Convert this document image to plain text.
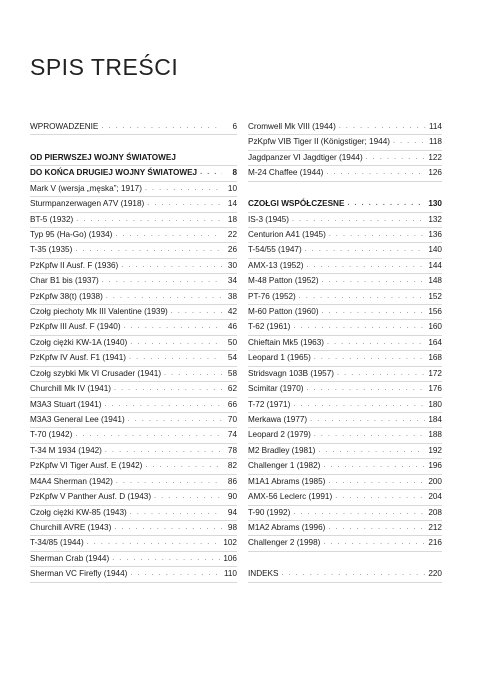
SPIS TREŚCI
WPROWADZENIE . . .	6
OD PIERWSZEJ WOJNY ŚWIATOWEJ
DO KOŃCA DRUGIEJ WOJNY ŚWIATOWEJ . . .	8
Mark V (wersja „męska”; 1917) . . .	10
Sturmpanzerwagen A7V (1918) . . .	14
BT-5 (1932) . . .	18
Typ 95 (Ha-Go) (1934) . . .	22
T-35 (1935) . . .	26
PzKpfw II Ausf. F (1936) . . .	30
Char B1 bis (1937) . . .	34
PzKpfw 38(t) (1938) . . .	38
Czołg piechoty Mk III Valentine (1939) . . .	42
PzKpfw III Ausf. F (1940) . . .	46
Czołg ciężki KW-1A (1940) . . .	50
PzKpfw IV Ausf. F1 (1941) . . .	54
Czołg szybki Mk VI Crusader (1941) . . .	58
Churchill Mk IV (1941) . . .	62
M3A3 Stuart (1941) . . .	66
M3A3 General Lee (1941) . . .	70
T-70 (1942) . . .	74
T-34 M 1934 (1942) . . .	78
PzKpfw VI Tiger Ausf. E (1942) . . .	82
M4A4 Sherman (1942) . . .	86
PzKpfw V Panther Ausf. D (1943) . . .	90
Czołg ciężki KW-85 (1943) . . .	94
Churchill AVRE (1943) . . .	98
T-34/85 (1944) . . .	102
Sherman Crab (1944) . . .	106
Sherman VC Firefly (1944) . . .	110
Cromwell Mk VIII (1944) . . .	114
PzKpfw VIB Tiger II (Königstiger; 1944) . . .	118
Jagdpanzer VI Jagdtiger (1944) . . .	122
M-24 Chaffee (1944) . . .	126
CZOŁGI WSPÓŁCZESNE . . .	130
IS-3 (1945) . . .	132
Centurion A41 (1945) . . .	136
T-54/55 (1947) . . .	140
AMX-13 (1952) . . .	144
M-48 Patton (1952) . . .	148
PT-76 (1952) . . .	152
M-60 Patton (1960) . . .	156
T-62 (1961) . . .	160
Chieftain Mk5 (1963) . . .	164
Leopard 1 (1965) . . .	168
Stridsvagn 103B (1957) . . .	172
Scimitar (1970) . . .	176
T-72 (1971) . . .	180
Merkawa (1977) . . .	184
Leopard 2 (1979) . . .	188
M2 Bradley (1981) . . .	192
Challenger 1 (1982) . . .	196
M1A1 Abrams (1985) . . .	200
AMX-56 Leclerc (1991) . . .	204
T-90 (1992) . . .	208
M1A2 Abrams (1996) . . .	212
Challenger 2 (1998) . . .	216
INDEKS . . .	220
